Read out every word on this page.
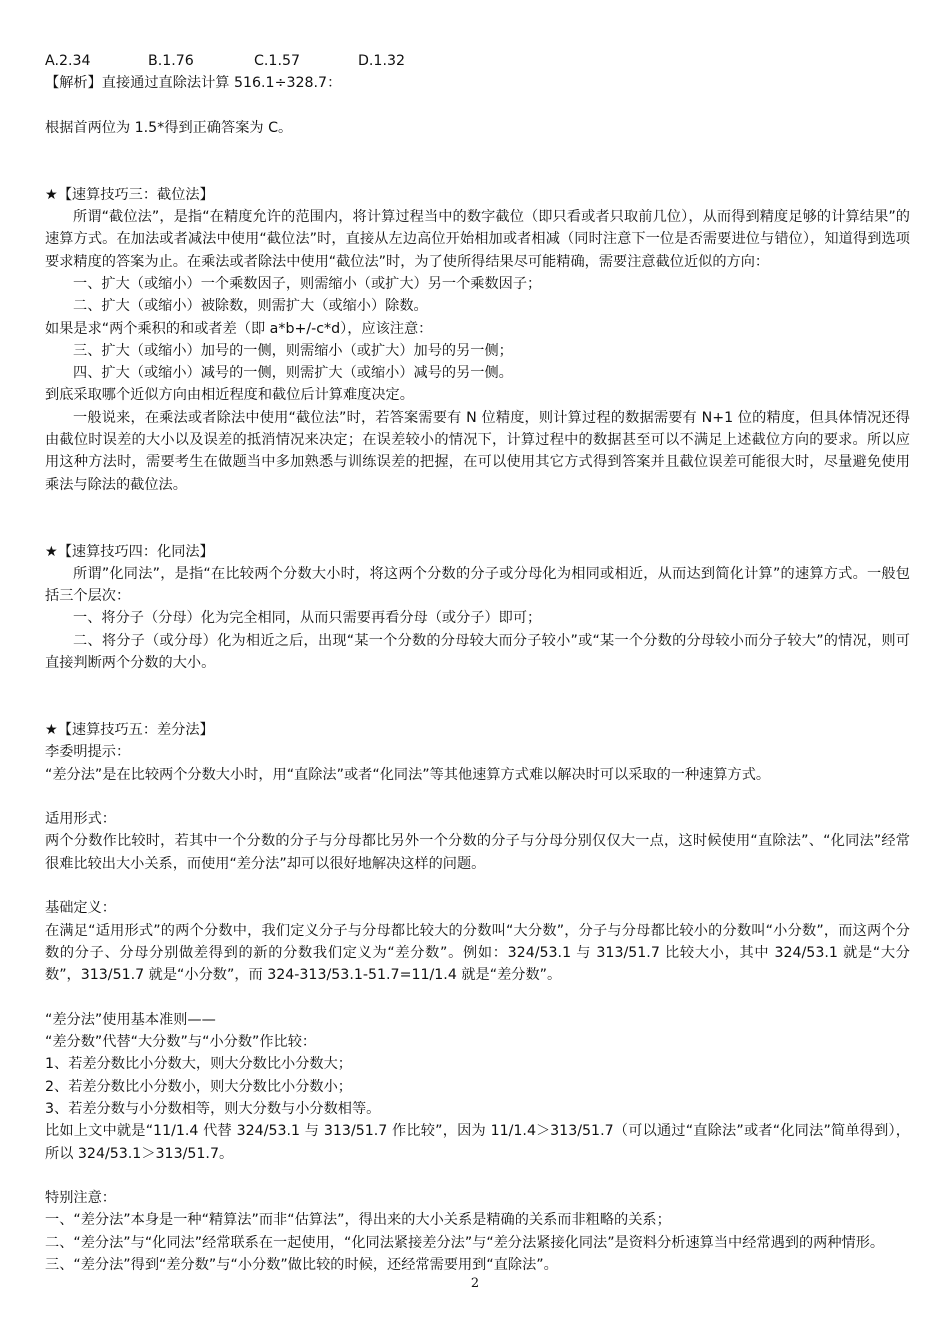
A.2.34	B.1.76	C.1.57	D.1.32
【解析】直接通过直除法计算 516.1÷328.7：
根据首两位为 1.5*得到正确答案为 C。
★【速算技巧三：截位法】
所谓“截位法”，是指“在精度允许的范围内，将计算过程当中的数字截位（即只看或者只取前几位），从而得到精度足够的计算结果”的速算方式。在加法或者减法中使用“截位法”时，直接从左边高位开始相加或者相减（同时注意下一位是否需要进位与错位），知道得到选项要求精度的答案为止。在乘法或者除法中使用“截位法”时，为了使所得结果尽可能精确，需要注意截位近似的方向：
一、扩大（或缩小）一个乘数因子，则需缩小（或扩大）另一个乘数因子；
二、扩大（或缩小）被除数，则需扩大（或缩小）除数。
如果是求“两个乘积的和或者差（即 a*b+/-c*d），应该注意：
三、扩大（或缩小）加号的一侧，则需缩小（或扩大）加号的另一侧；
四、扩大（或缩小）减号的一侧，则需扩大（或缩小）减号的另一侧。
到底采取哪个近似方向由相近程度和截位后计算难度决定。
一般说来，在乘法或者除法中使用“截位法”时，若答案需要有 N 位精度，则计算过程的数据需要有 N+1 位的精度，但具体情况还得由截位时误差的大小以及误差的抵消情况来决定；在误差较小的情况下，计算过程中的数据甚至可以不满足上述截位方向的要求。所以应用这种方法时，需要考生在做题当中多加熟悉与训练误差的把握，在可以使用其它方式得到答案并且截位误差可能很大时，尽量避免使用乘法与除法的截位法。
★【速算技巧四：化同法】
所谓”化同法”，是指“在比较两个分数大小时，将这两个分数的分子或分母化为相同或相近，从而达到简化计算”的速算方式。一般包括三个层次：
一、将分子（分母）化为完全相同，从而只需要再看分母（或分子）即可；
二、将分子（或分母）化为相近之后，出现“某一个分数的分母较大而分子较小”或“某一个分数的分母较小而分子较大”的情况，则可直接判断两个分数的大小。
★【速算技巧五：差分法】
李委明提示：
“差分法”是在比较两个分数大小时，用“直除法”或者“化同法”等其他速算方式难以解决时可以采取的一种速算方式。
适用形式：
两个分数作比较时，若其中一个分数的分子与分母都比另外一个分数的分子与分母分别仅仅大一点，这时候使用“直除法”、“化同法”经常很难比较出大小关系，而使用“差分法”却可以很好地解决这样的问题。
基础定义：
在满足“适用形式”的两个分数中，我们定义分子与分母都比较大的分数叫“大分数”，分子与分母都比较小的分数叫“小分数”，而这两个分数的分子、分母分别做差得到的新的分数我们定义为“差分数”。例如：324/53.1 与 313/51.7 比较大小，其中 324/53.1 就是“大分数”，313/51.7 就是“小分数”，而 324-313/53.1-51.7=11/1.4 就是“差分数”。
“差分法”使用基本准则——
“差分数”代替“大分数”与“小分数”作比较：
1、若差分数比小分数大，则大分数比小分数大；
2、若差分数比小分数小，则大分数比小分数小；
3、若差分数与小分数相等，则大分数与小分数相等。
比如上文中就是“11/1.4 代替 324/53.1 与 313/51.7 作比较”，因为 11/1.4＞313/51.7（可以通过“直除法”或者“化同法”简单得到），所以 324/53.1＞313/51.7。
特别注意：
一、“差分法”本身是一种“精算法”而非“估算法”，得出来的大小关系是精确的关系而非粗略的关系；
二、“差分法”与“化同法”经常联系在一起使用，“化同法紧接差分法”与“差分法紧接化同法”是资料分析速算当中经常遇到的两种情形。
三、“差分法”得到“差分数”与“小分数”做比较的时候，还经常需要用到“直除法”。
2
